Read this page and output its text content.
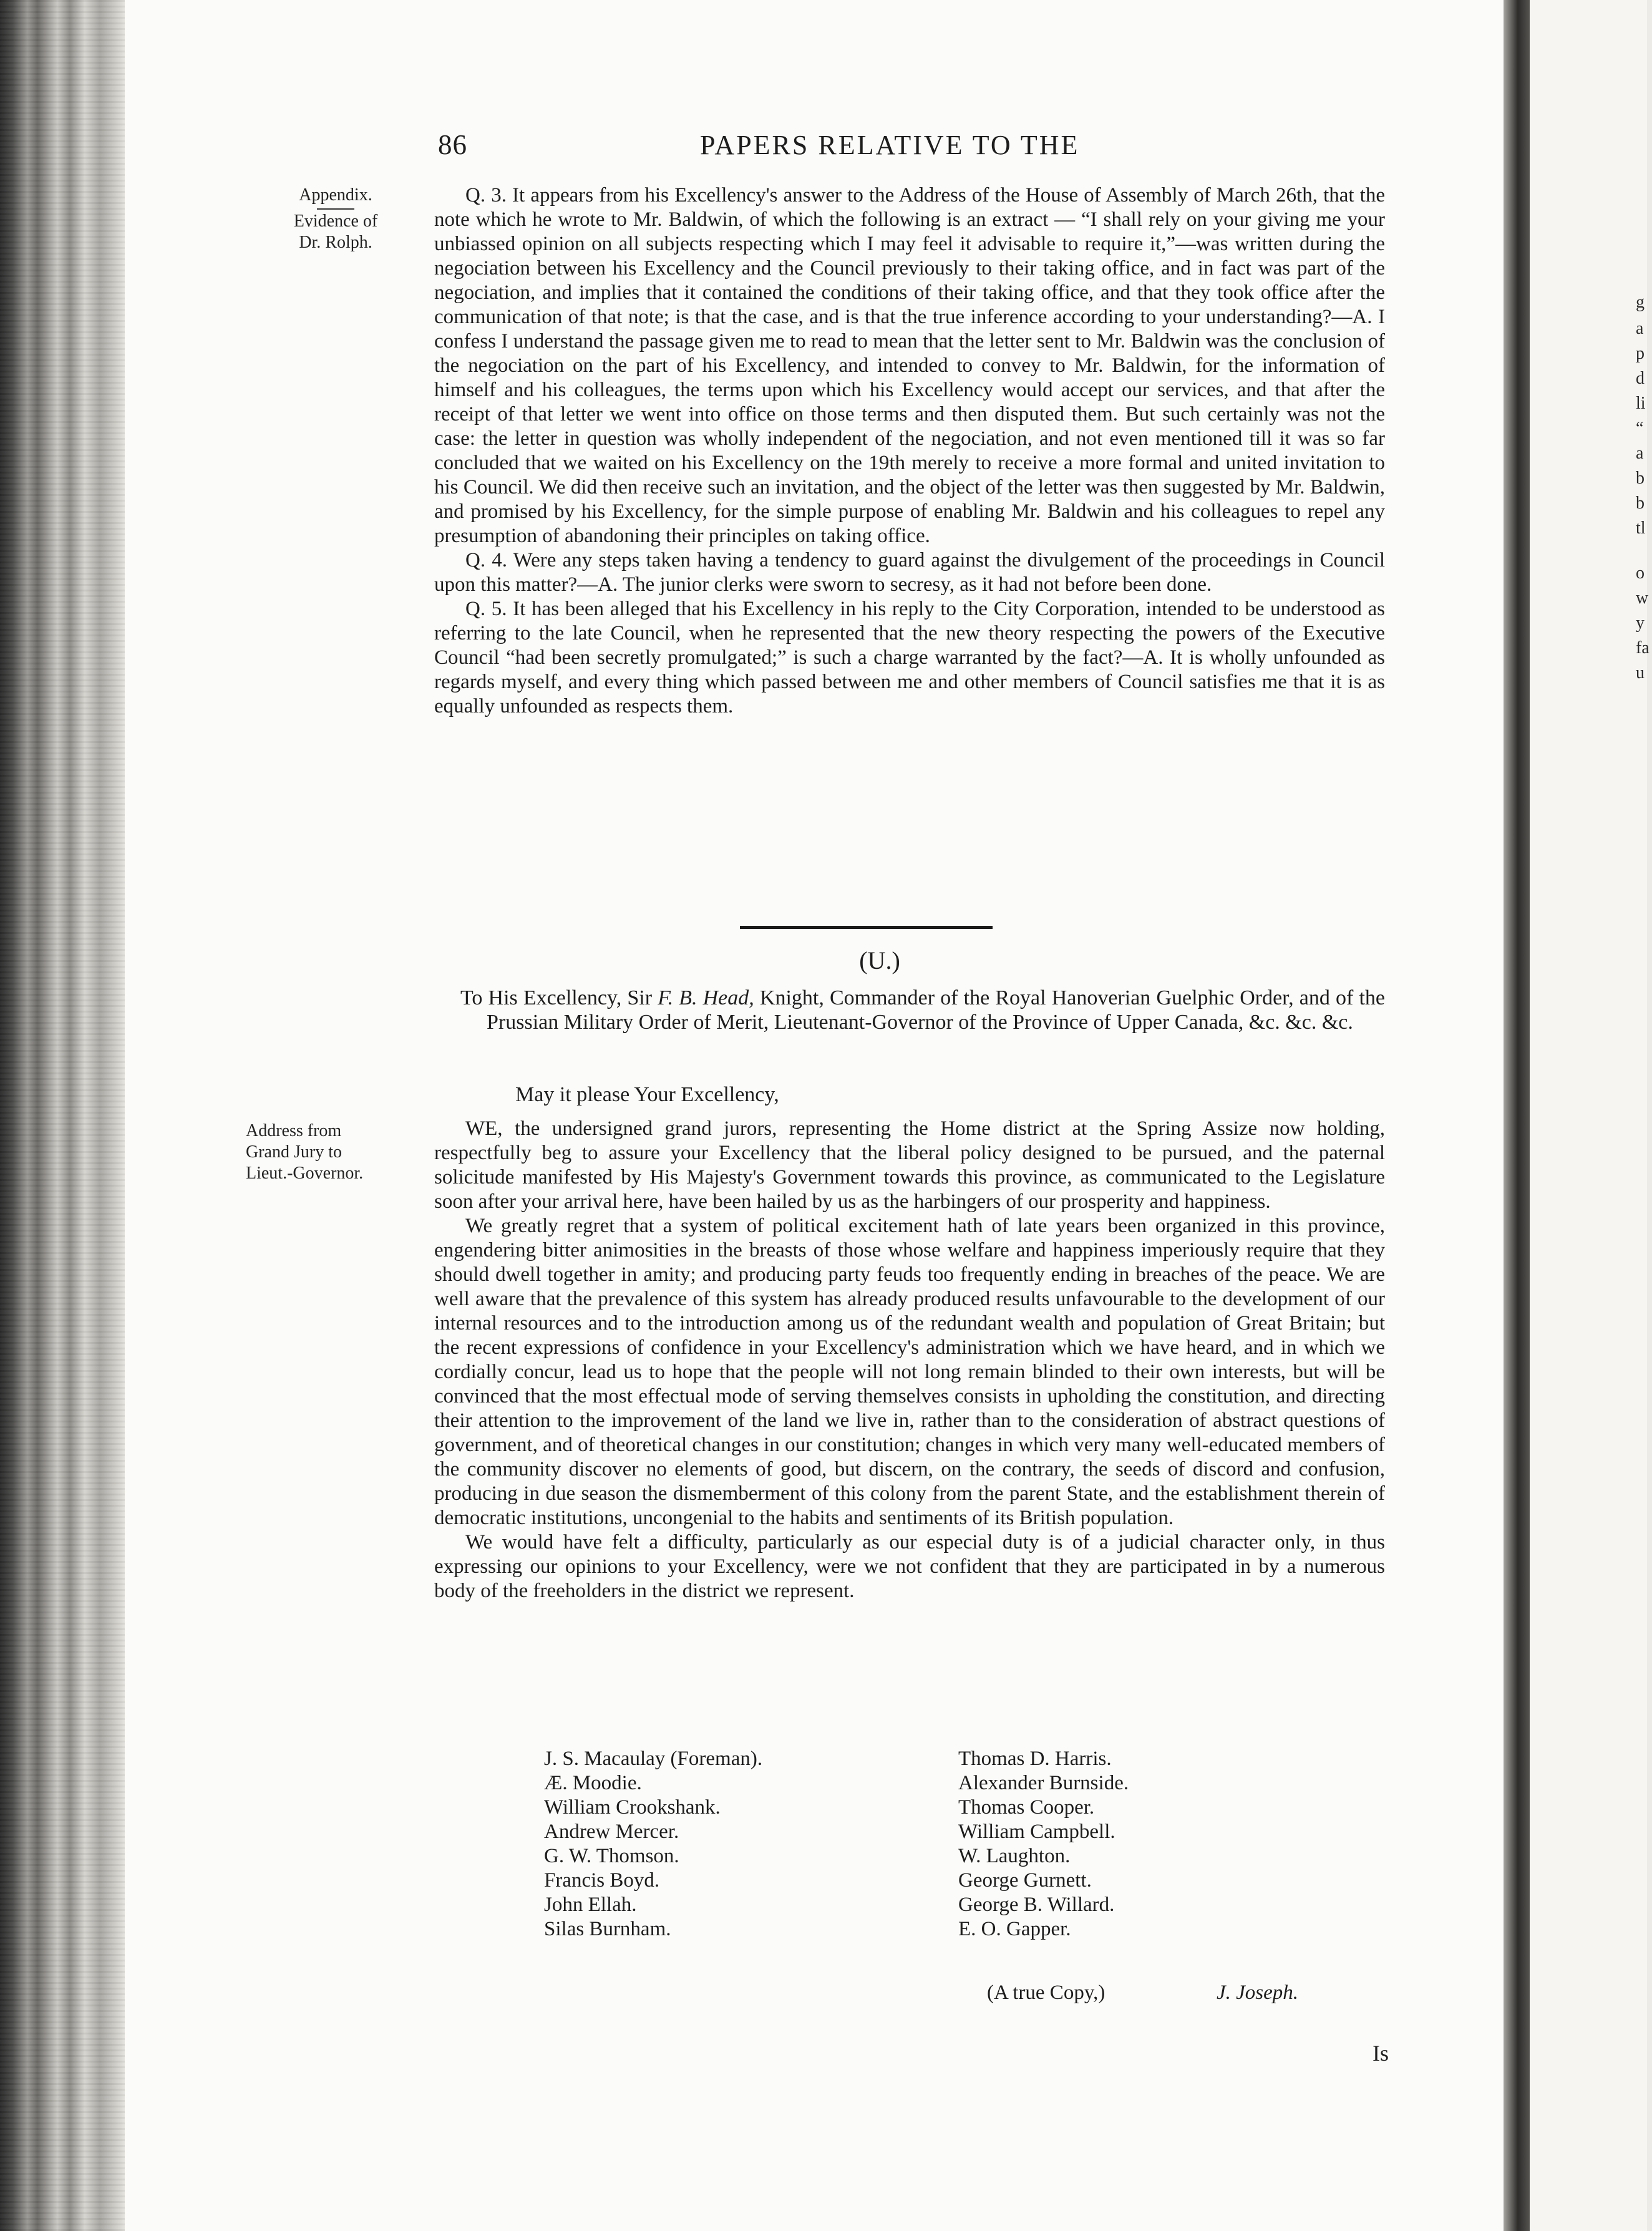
g
a
p
d
li
“
a
b
b
tl
o
w
y
fa
u
86	PAPERS RELATIVE TO THE
Appendix.
Evidence of
Dr. Rolph.
Address from
Grand Jury to
Lieut.-Governor.

Q. 3. It appears from his Excellency's answer to the Address of the House of Assembly of March 26th, that the note which he wrote to Mr. Baldwin, of which the following is an extract — “I shall rely on your giving me your unbiassed opinion on all subjects respecting which I may feel it advisable to require it,”—was written during the negociation between his Excellency and the Council previously to their taking office, and in fact was part of the negociation, and implies that it contained the conditions of their taking office, and that they took office after the communication of that note; is that the case, and is that the true inference according to your understanding?—A. I confess I understand the passage given me to read to mean that the letter sent to Mr. Baldwin was the conclusion of the negociation on the part of his Excellency, and intended to convey to Mr. Baldwin, for the information of himself and his colleagues, the terms upon which his Excellency would accept our services, and that after the receipt of that letter we went into office on those terms and then disputed them. But such certainly was not the case: the letter in question was wholly independent of the negociation, and not even mentioned till it was so far concluded that we waited on his Excellency on the 19th merely to receive a more formal and united invitation to his Council. We did then receive such an invitation, and the object of the letter was then suggested by Mr. Baldwin, and promised by his Excellency, for the simple purpose of enabling Mr. Baldwin and his colleagues to repel any presumption of abandoning their principles on taking office.

Q. 4. Were any steps taken having a tendency to guard against the divulgement of the proceedings in Council upon this matter?—A. The junior clerks were sworn to secresy, as it had not before been done.

Q. 5. It has been alleged that his Excellency in his reply to the City Corporation, intended to be understood as referring to the late Council, when he represented that the new theory respecting the powers of the Executive Council “had been secretly promulgated;” is such a charge warranted by the fact?—A. It is wholly unfounded as regards myself, and every thing which passed between me and other members of Council satisfies me that it is as equally unfounded as respects them.

(U.)

To His Excellency, Sir F. B. Head, Knight, Commander of the Royal Hanoverian Guelphic Order, and of the Prussian Military Order of Merit, Lieutenant-Governor of the Province of Upper Canada, &c. &c. &c.

May it please Your Excellency,

WE, the undersigned grand jurors, representing the Home district at the Spring Assize now holding, respectfully beg to assure your Excellency that the liberal policy designed to be pursued, and the paternal solicitude manifested by His Majesty's Government towards this province, as communicated to the Legislature soon after your arrival here, have been hailed by us as the harbingers of our prosperity and happiness.

We greatly regret that a system of political excitement hath of late years been organized in this province, engendering bitter animosities in the breasts of those whose welfare and happiness imperiously require that they should dwell together in amity; and producing party feuds too frequently ending in breaches of the peace. We are well aware that the prevalence of this system has already produced results unfavourable to the development of our internal resources and to the introduction among us of the redundant wealth and population of Great Britain; but the recent expressions of confidence in your Excellency's administration which we have heard, and in which we cordially concur, lead us to hope that the people will not long remain blinded to their own interests, but will be convinced that the most effectual mode of serving themselves consists in upholding the constitution, and directing their attention to the improvement of the land we live in, rather than to the consideration of abstract questions of government, and of theoretical changes in our constitution; changes in which very many well-educated members of the community discover no elements of good, but discern, on the contrary, the seeds of discord and confusion, producing in due season the dismemberment of this colony from the parent State, and the establishment therein of democratic institutions, uncongenial to the habits and sentiments of its British population.

We would have felt a difficulty, particularly as our especial duty is of a judicial character only, in thus expressing our opinions to your Excellency, were we not confident that they are participated in by a numerous body of the freeholders in the district we represent.

J. S. Macaulay (Foreman).
Æ. Moodie.
William Crookshank.
Andrew Mercer.
G. W. Thomson.
Francis Boyd.
John Ellah.
Silas Burnham.
Thomas D. Harris.
Alexander Burnside.
Thomas Cooper.
William Campbell.
W. Laughton.
George Gurnett.
George B. Willard.
E. O. Gapper.
(A true Copy,)	J. Joseph.
Is
